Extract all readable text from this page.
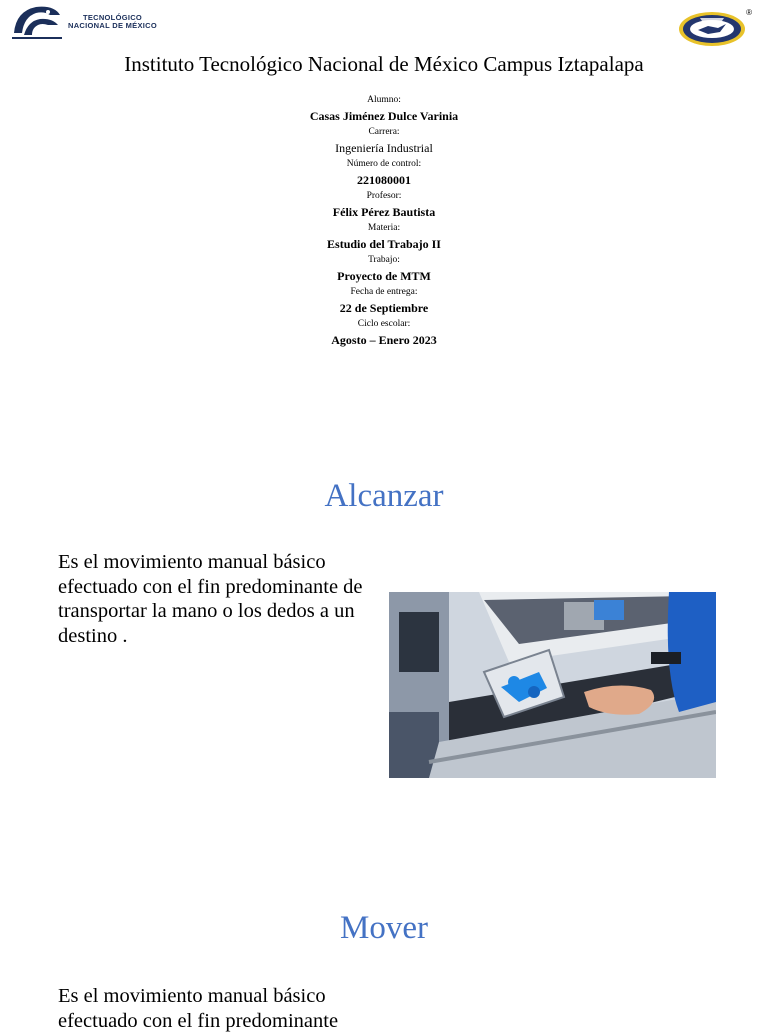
TECNOLÓGICO
NACIONAL DE MÉXICO
®
Instituto Tecnológico Nacional de México Campus Iztapalapa
Alumno:
Casas Jiménez Dulce Varinia
Carrera:
Ingeniería Industrial
Número de control:
221080001
Profesor:
Félix Pérez Bautista
Materia:
Estudio del Trabajo II
Trabajo:
Proyecto de MTM
Fecha de entrega:
22 de Septiembre
Ciclo escolar:
Agosto – Enero 2023
Alcanzar
Es el movimiento manual básico efectuado con el fin predominante de transportar la mano o los dedos a un destino .
Mover
Es el movimiento manual básico efectuado con el fin predominante
